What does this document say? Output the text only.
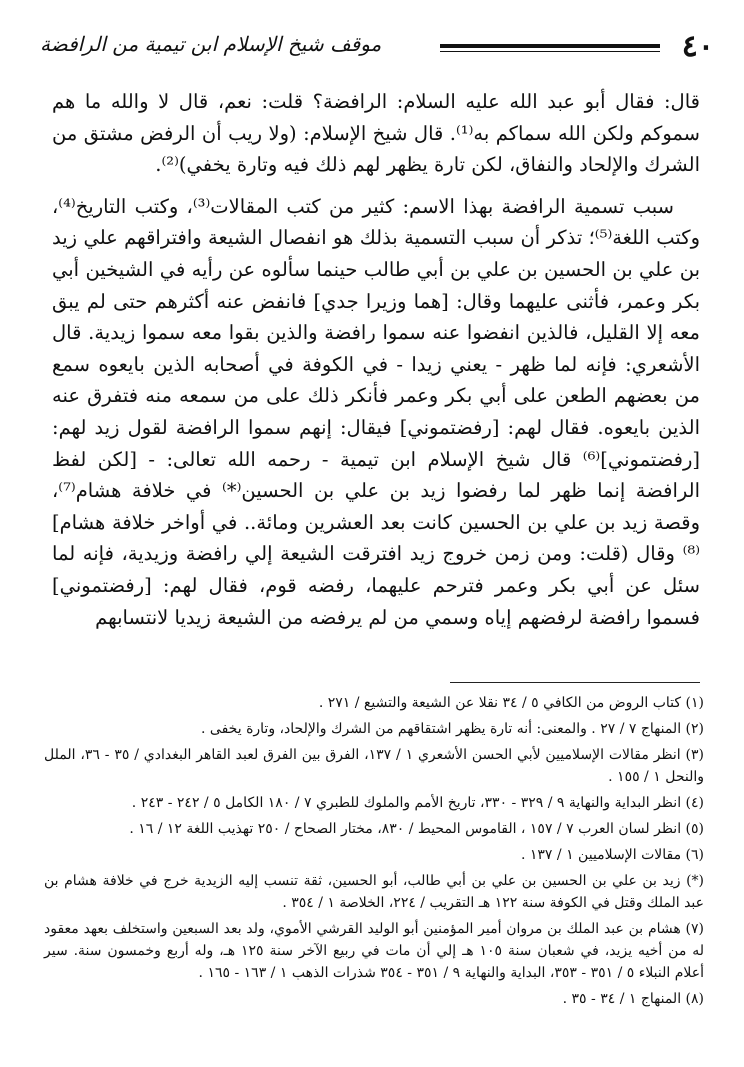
٤٠
موقف شيخ الإسلام ابن تيمية من الرافضة

قال: فقال أبو عبد الله عليه السلام: الرافضة؟ قلت: نعم، قال لا والله ما هم سموكم ولكن الله سماكم به⁽¹⁾. قال شيخ الإسلام: (ولا ريب أن الرفض مشتق من الشرك والإلحاد والنفاق، لكن تارة يظهر لهم ذلك فيه وتارة يخفي)⁽²⁾.

سبب تسمية الرافضة بهذا الاسم: كثير من كتب المقالات⁽³⁾، وكتب التاريخ⁽⁴⁾، وكتب اللغة⁽⁵⁾؛ تذكر أن سبب التسمية بذلك هو انفصال الشيعة وافتراقهم علي زيد بن علي بن الحسين بن علي بن أبي طالب حينما سألوه عن رأيه في الشيخين أبي بكر وعمر، فأثنى عليهما وقال: [هما وزيرا جدي] فانفض عنه أكثرهم حتى لم يبق معه إلا القليل، فالذين انفضوا عنه سموا رافضة والذين بقوا معه سموا زيدية. قال الأشعري: فإنه لما ظهر - يعني زيدا - في الكوفة في أصحابه الذين بايعوه سمع من بعضهم الطعن على أبي بكر وعمر فأنكر ذلك على من سمعه منه فتفرق عنه الذين بايعوه. فقال لهم: [رفضتموني] فيقال: إنهم سموا الرافضة لقول زيد لهم: [رفضتموني]⁽⁶⁾ قال شيخ الإسلام ابن تيمية - رحمه الله تعالى: - [لكن لفظ الرافضة إنما ظهر لما رفضوا زيد بن علي بن الحسين⁽*⁾ في خلافة هشام⁽⁷⁾، وقصة زيد بن علي بن الحسين كانت بعد العشرين ومائة.. في أواخر خلافة هشام]⁽⁸⁾ وقال (قلت: ومن زمن خروج زيد افترقت الشيعة إلي رافضة وزيدية، فإنه لما سئل عن أبي بكر وعمر فترحم عليهما، رفضه قوم، فقال لهم: [رفضتموني] فسموا رافضة لرفضهم إياه وسمي من لم يرفضه من الشيعة زيديا لانتسابهم

(١) كتاب الروض من الكافي ٥ / ٣٤ نقلا عن الشيعة والتشيع / ٢٧١ .

(٢) المنهاج ٧ / ٢٧ . والمعنى: أنه تارة يظهر اشتقاقهم من الشرك والإلحاد، وتارة يخفى .

(٣) انظر مقالات الإسلاميين لأبي الحسن الأشعري ١ / ١٣٧، الفرق بين الفرق لعبد القاهر البغدادي / ٣٥ - ٣٦، الملل والنحل ١ / ١٥٥ .

(٤) انظر البداية والنهاية ٩ / ٣٢٩ - ٣٣٠، تاريخ الأمم والملوك للطبري ٧ / ١٨٠ الكامل ٥ / ٢٤٢ - ٢٤٣ .

(٥) انظر لسان العرب ٧ / ١٥٧ ، القاموس المحيط / ٨٣٠، مختار الصحاح / ٢٥٠ تهذيب اللغة ١٢ / ١٦ .

(٦) مقالات الإسلاميين ١ / ١٣٧ .

(*) زيد بن علي بن الحسين بن علي بن أبي طالب، أبو الحسين، ثقة تنسب إليه الزيدية خرج في خلافة هشام بن عبد الملك وقتل في الكوفة سنة ١٢٢ هـ التقريب / ٢٢٤، الخلاصة ١ / ٣٥٤ .

(٧) هشام بن عبد الملك بن مروان أمير المؤمنين أبو الوليد القرشي الأموي، ولد بعد السبعين واستخلف بعهد معقود له من أخيه يزيد، في شعبان سنة ١٠٥ هـ إلي أن مات في ربيع الآخر سنة ١٢٥ هـ، وله أربع وخمسون سنة. سير أعلام النبلاء ٥ / ٣٥١ - ٣٥٣، البداية والنهاية ٩ / ٣٥١ - ٣٥٤ شذرات الذهب ١ / ١٦٣ - ١٦٥ .

(٨) المنهاج ١ / ٣٤ - ٣٥ .
